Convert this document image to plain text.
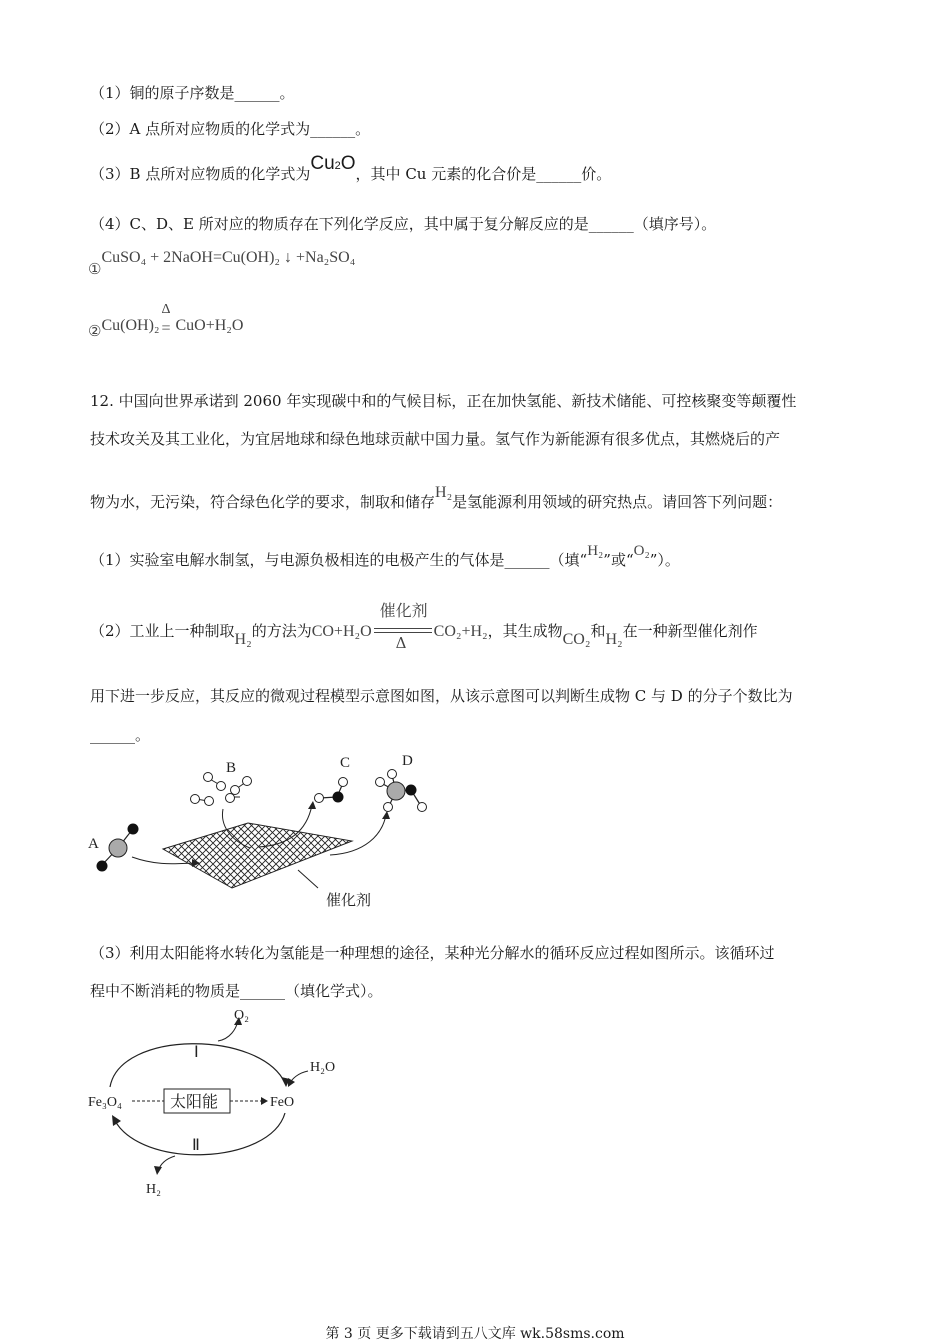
（1）铜的原子序数是______。
（2）A 点所对应物质的化学式为______。
（3）B 点所对应物质的化学式为Cu2O，其中 Cu 元素的化合价是______价。
（4）C、D、E 所对应的物质存在下列化学反应，其中属于复分解反应的是______（填序号）。
①CuSO₄ + 2NaOH=Cu(OH)₂ ↓ +Na₂SO₄
②Cu(OH)₂
Δ
= CuO+H₂O
12. 中国向世界承诺到 2060 年实现碳中和的气候目标，正在加快氢能、新技术储能、可控核聚变等颠覆性
技术攻关及其工业化，为宜居地球和绿色地球贡献中国力量。氢气作为新能源有很多优点，其燃烧后的产
物为水，无污染，符合绿色化学的要求，制取和储存H₂是氢能源利用领域的研究热点。请回答下列问题：
（1）实验室电解水制氢，与电源负极相连的电极产生的气体是______（填“H₂”或“O₂”）。
（2）工业上一种制取H₂的方法为CO+H₂O
催化剂
Δ
CO₂+H₂，其生成物CO₂和H₂在一种新型催化剂作
用下进一步反应，其反应的微观过程模型示意图如图，从该示意图可以判断生成物 C 与 D 的分子个数比为
______。
催化剂
A
B	C	D
（3）利用太阳能将水转化为氢能是一种理想的途径，某种光分解水的循环反应过程如图所示。该循环过
程中不断消耗的物质是______（填化学式）。
O₂
Ⅰ
H₂O
Fe₃O₄	太阳能	FeO
Ⅱ
H₂
第 3 页 更多下载请到五八文库 wk.58sms.com
